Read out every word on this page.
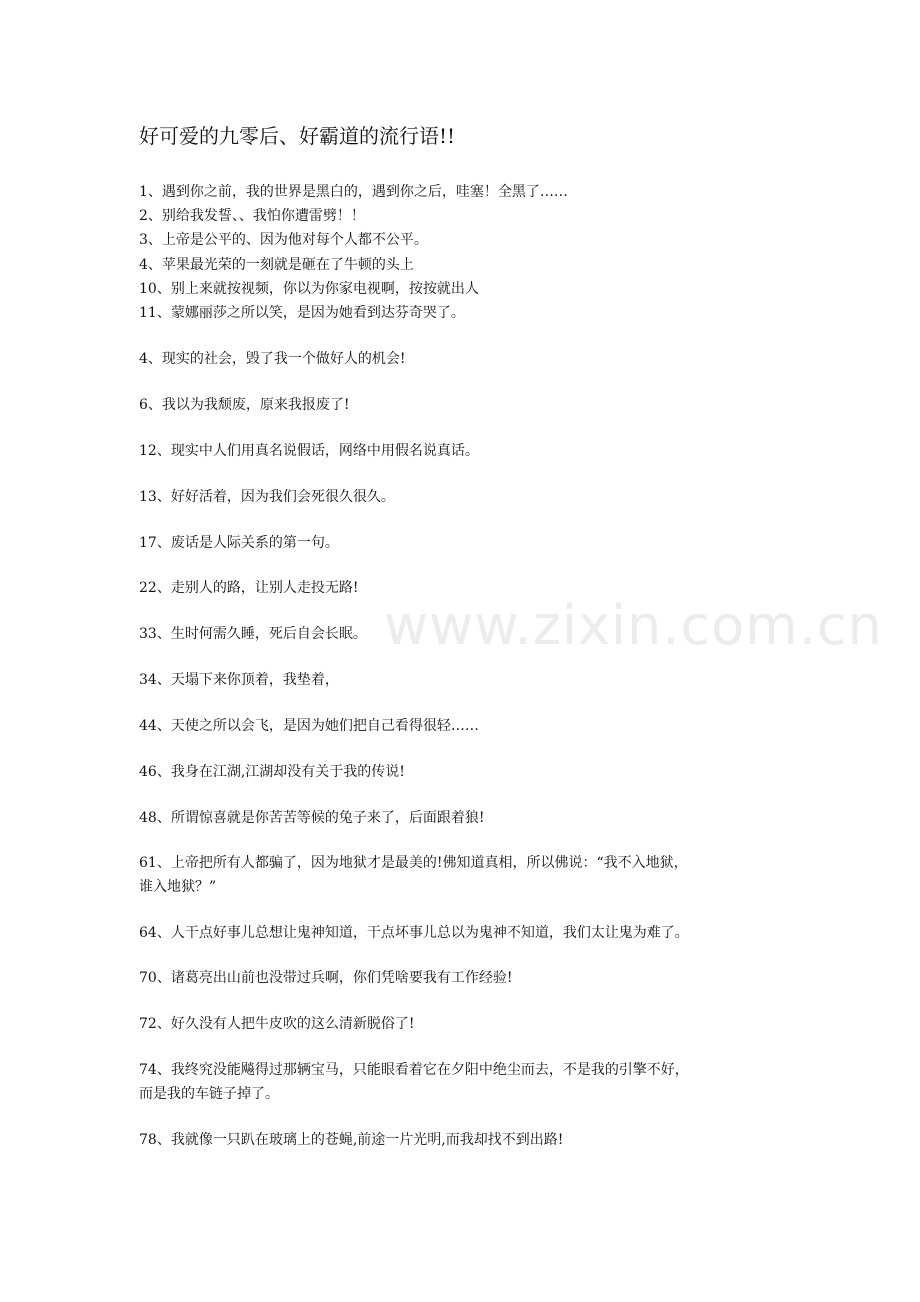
好可爱的九零后、好霸道的流行语!!
1、遇到你之前，我的世界是黑白的，遇到你之后，哇塞！全黑了……
2、别给我发誓、、我怕你遭雷劈！！
3、上帝是公平的、因为他对每个人都不公平。
4、苹果最光荣的一刻就是砸在了牛顿的头上
10、别上来就按视频，你以为你家电视啊，按按就出人
11、蒙娜丽莎之所以笑，是因为她看到达芬奇哭了。
4、现实的社会，毁了我一个做好人的机会!
6、我以为我颓废，原来我报废了!
12、现实中人们用真名说假话，网络中用假名说真话。
13、好好活着，因为我们会死很久很久。
17、废话是人际关系的第一句。
22、走别人的路，让别人走投无路!
33、生时何需久睡，死后自会长眠。
34、天塌下来你顶着，我垫着，
44、天使之所以会飞，是因为她们把自己看得很轻……
46、我身在江湖,江湖却没有关于我的传说!
48、所谓惊喜就是你苦苦等候的兔子来了，后面跟着狼!
61、上帝把所有人都骗了，因为地狱才是最美的!佛知道真相，所以佛说：“我不入地狱，
谁入地狱？”
64、人干点好事儿总想让鬼神知道，干点坏事儿总以为鬼神不知道，我们太让鬼为难了。
70、诸葛亮出山前也没带过兵啊，你们凭啥要我有工作经验!
72、好久没有人把牛皮吹的这么清新脱俗了!
74、我终究没能飚得过那辆宝马，只能眼看着它在夕阳中绝尘而去，不是我的引擎不好，
而是我的车链子掉了。
78、我就像一只趴在玻璃上的苍蝇,前途一片光明,而我却找不到出路!
www.zixin.com.cn
